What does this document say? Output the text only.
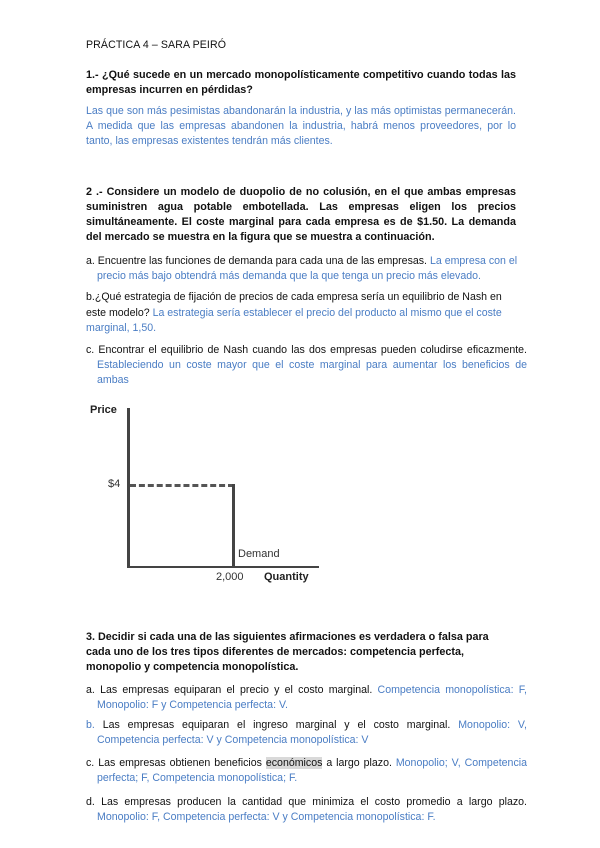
PRÁCTICA 4 – SARA PEIRÓ
1.- ¿Qué sucede en un mercado monopolísticamente competitivo cuando todas las empresas incurren en pérdidas?
Las que son más pesimistas abandonarán la industria, y las más optimistas permanecerán. A medida que las empresas abandonen la industria, habrá menos proveedores, por lo tanto, las empresas existentes tendrán más clientes.
2 .- Considere un modelo de duopolio de no colusión, en el que ambas empresas suministren agua potable embotellada. Las empresas eligen los precios simultáneamente. El coste marginal para cada empresa es de $1.50. La demanda del mercado se muestra en la figura que se muestra a continuación.
a. Encuentre las funciones de demanda para cada una de las empresas. La empresa con el precio más bajo obtendrá más demanda que la que tenga un precio más elevado.
b.¿Qué estrategia de fijación de precios de cada empresa sería un equilibrio de Nash en este modelo? La estrategia sería establecer el precio del producto al mismo que el coste marginal, 1,50.
c. Encontrar el equilibrio de Nash cuando las dos empresas pueden coludirse eficazmente. Estableciendo un coste mayor que el coste marginal para aumentar los beneficios de ambas
Price
$4
Demand
2,000 Quantity
3. Decidir si cada una de las siguientes afirmaciones es verdadera o falsa para cada uno de los tres tipos diferentes de mercados: competencia perfecta, monopolio y competencia monopolística.
a. Las empresas equiparan el precio y el costo marginal. Competencia monopolística: F, Monopolio: F y Competencia perfecta: V.
b. Las empresas equiparan el ingreso marginal y el costo marginal. Monopolio: V, Competencia perfecta: V y Competencia monopolística: V
c. Las empresas obtienen beneficios económicos a largo plazo. Monopolio; V, Competencia perfecta; F, Competencia monopolística; F.
d. Las empresas producen la cantidad que minimiza el costo promedio a largo plazo. Monopolio: F, Competencia perfecta: V y Competencia monopolística: F.
